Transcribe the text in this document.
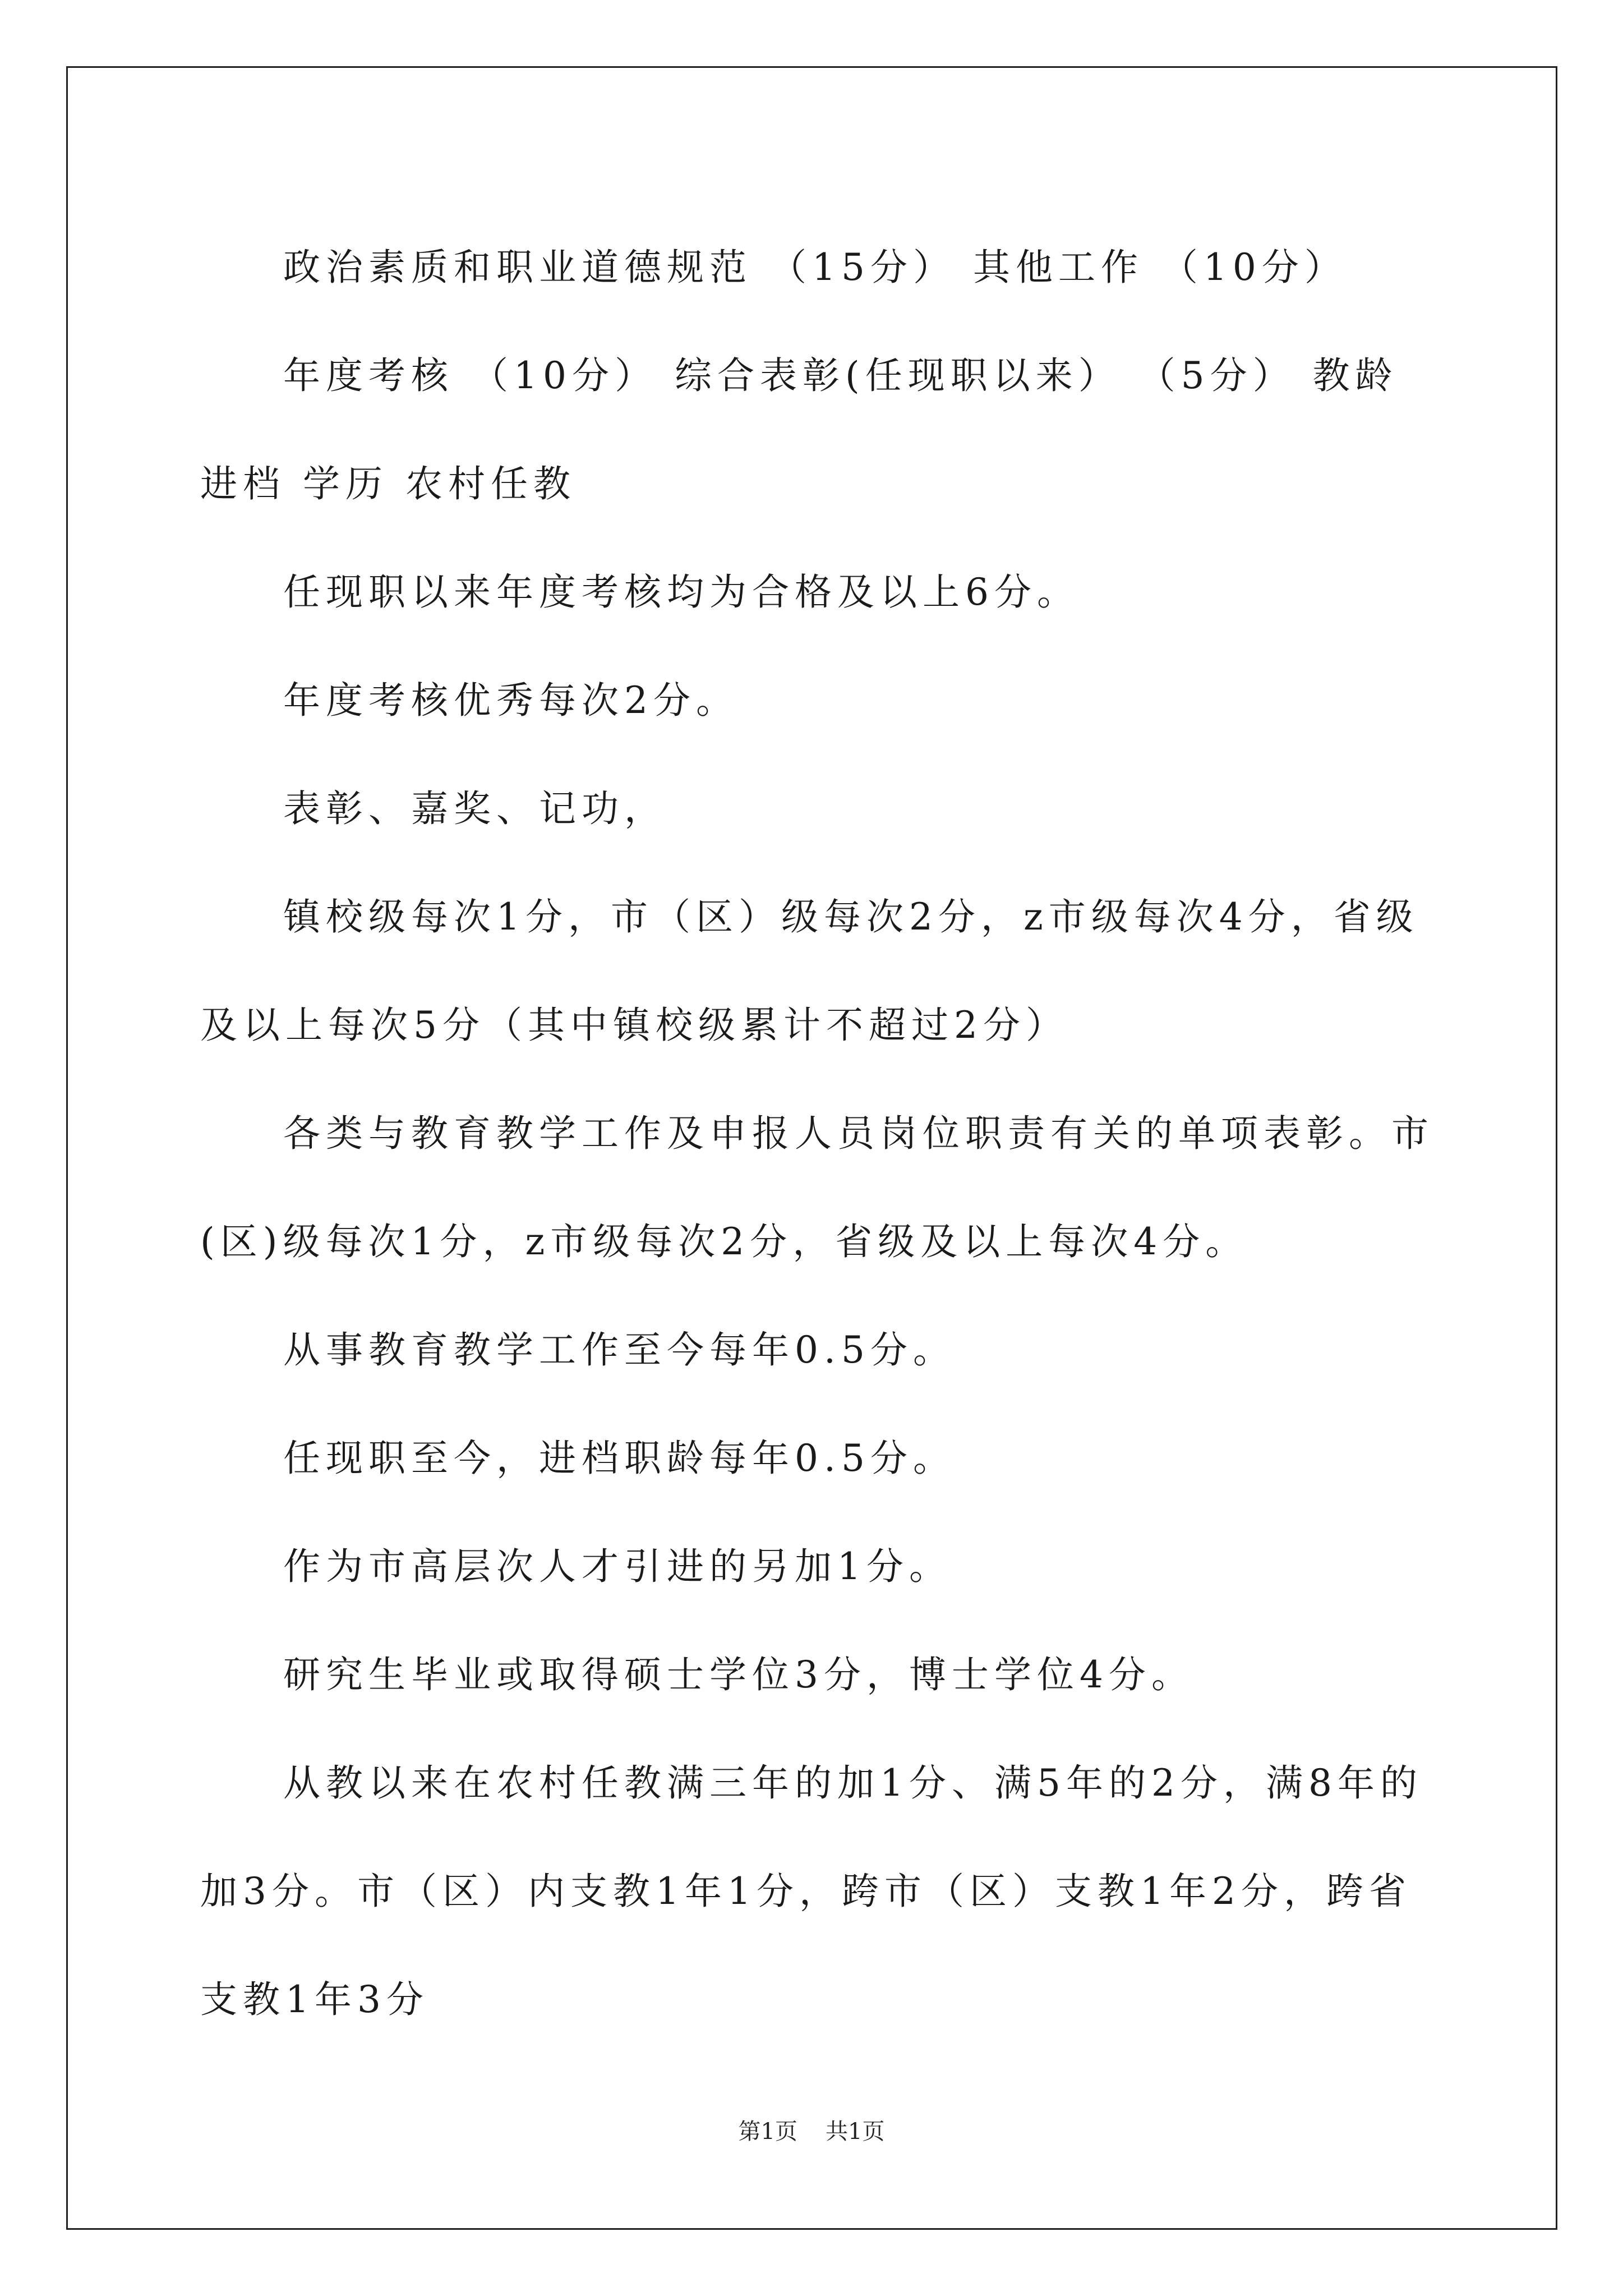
政治素质和职业道德规范 （15分） 其他工作 （10分）

年度考核 （10分） 综合表彰(任现职以来） （5分） 教龄 进档 学历 农村任教

任现职以来年度考核均为合格及以上6分。

年度考核优秀每次2分。

表彰、嘉奖、记功，

镇校级每次1分，市（区）级每次2分，z市级每次4分，省级及以上每次5分（其中镇校级累计不超过2分）

各类与教育教学工作及申报人员岗位职责有关的单项表彰。市(区)级每次1分，z市级每次2分，省级及以上每次4分。

从事教育教学工作至今每年0.5分。

任现职至今，进档职龄每年0.5分。

作为市高层次人才引进的另加1分。

研究生毕业或取得硕士学位3分，博士学位4分。

从教以来在农村任教满三年的加1分、满5年的2分，满8年的加3分。市（区）内支教1年1分，跨市（区）支教1年2分，跨省支教1年3分

第1页 共1页
